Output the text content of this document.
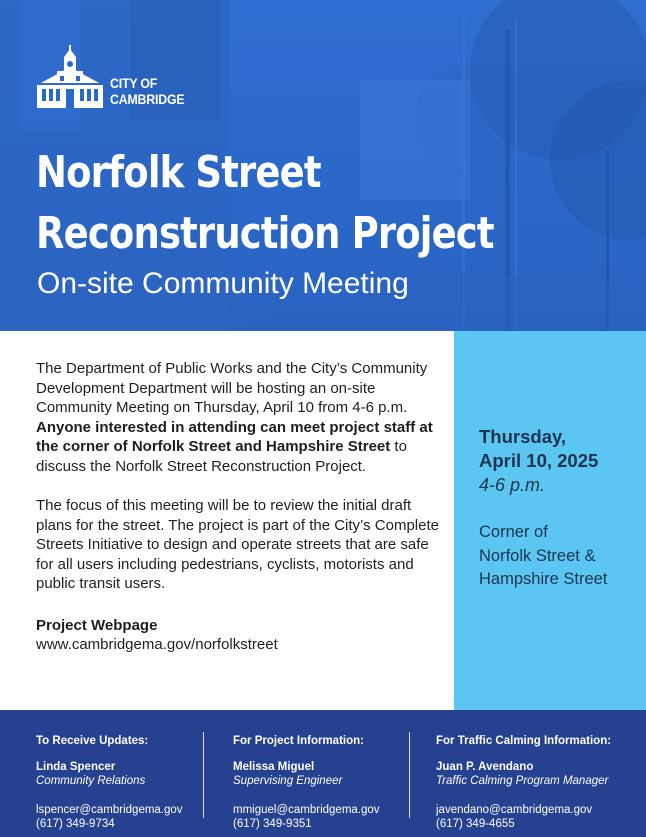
CITY OF
CAMBRIDGE
Norfolk Street
Reconstruction Project
On-site Community Meeting

The Department of Public Works and the City’s Community Development Department will be hosting an on-site Community Meeting on Thursday, April 10 from 4-6 p.m. Anyone interested in attending can meet project staff at the corner of Norfolk Street and Hampshire Street to discuss the Norfolk Street Reconstruction Project.

The focus of this meeting will be to review the initial draft plans for the street. The project is part of the City’s Complete Streets Initiative to design and operate streets that are safe for all users including pedestrians, cyclists, motorists and public transit users.

Project Webpage

www.cambridgema.gov/norfolkstreet

Thursday,
April 10, 2025
4-6 p.m.
Corner of
Norfolk Street &
Hampshire Street
To Receive Updates:
Linda Spencer
Community Relations
lspencer@cambridgema.gov
(617) 349-9734
For Project Information:
Melissa Miguel
Supervising Engineer
mmiguel@cambridgema.gov
(617) 349-9351
For Traffic Calming Information:
Juan P. Avendano
Traffic Calming Program Manager
javendano@cambridgema.gov
(617) 349-4655
